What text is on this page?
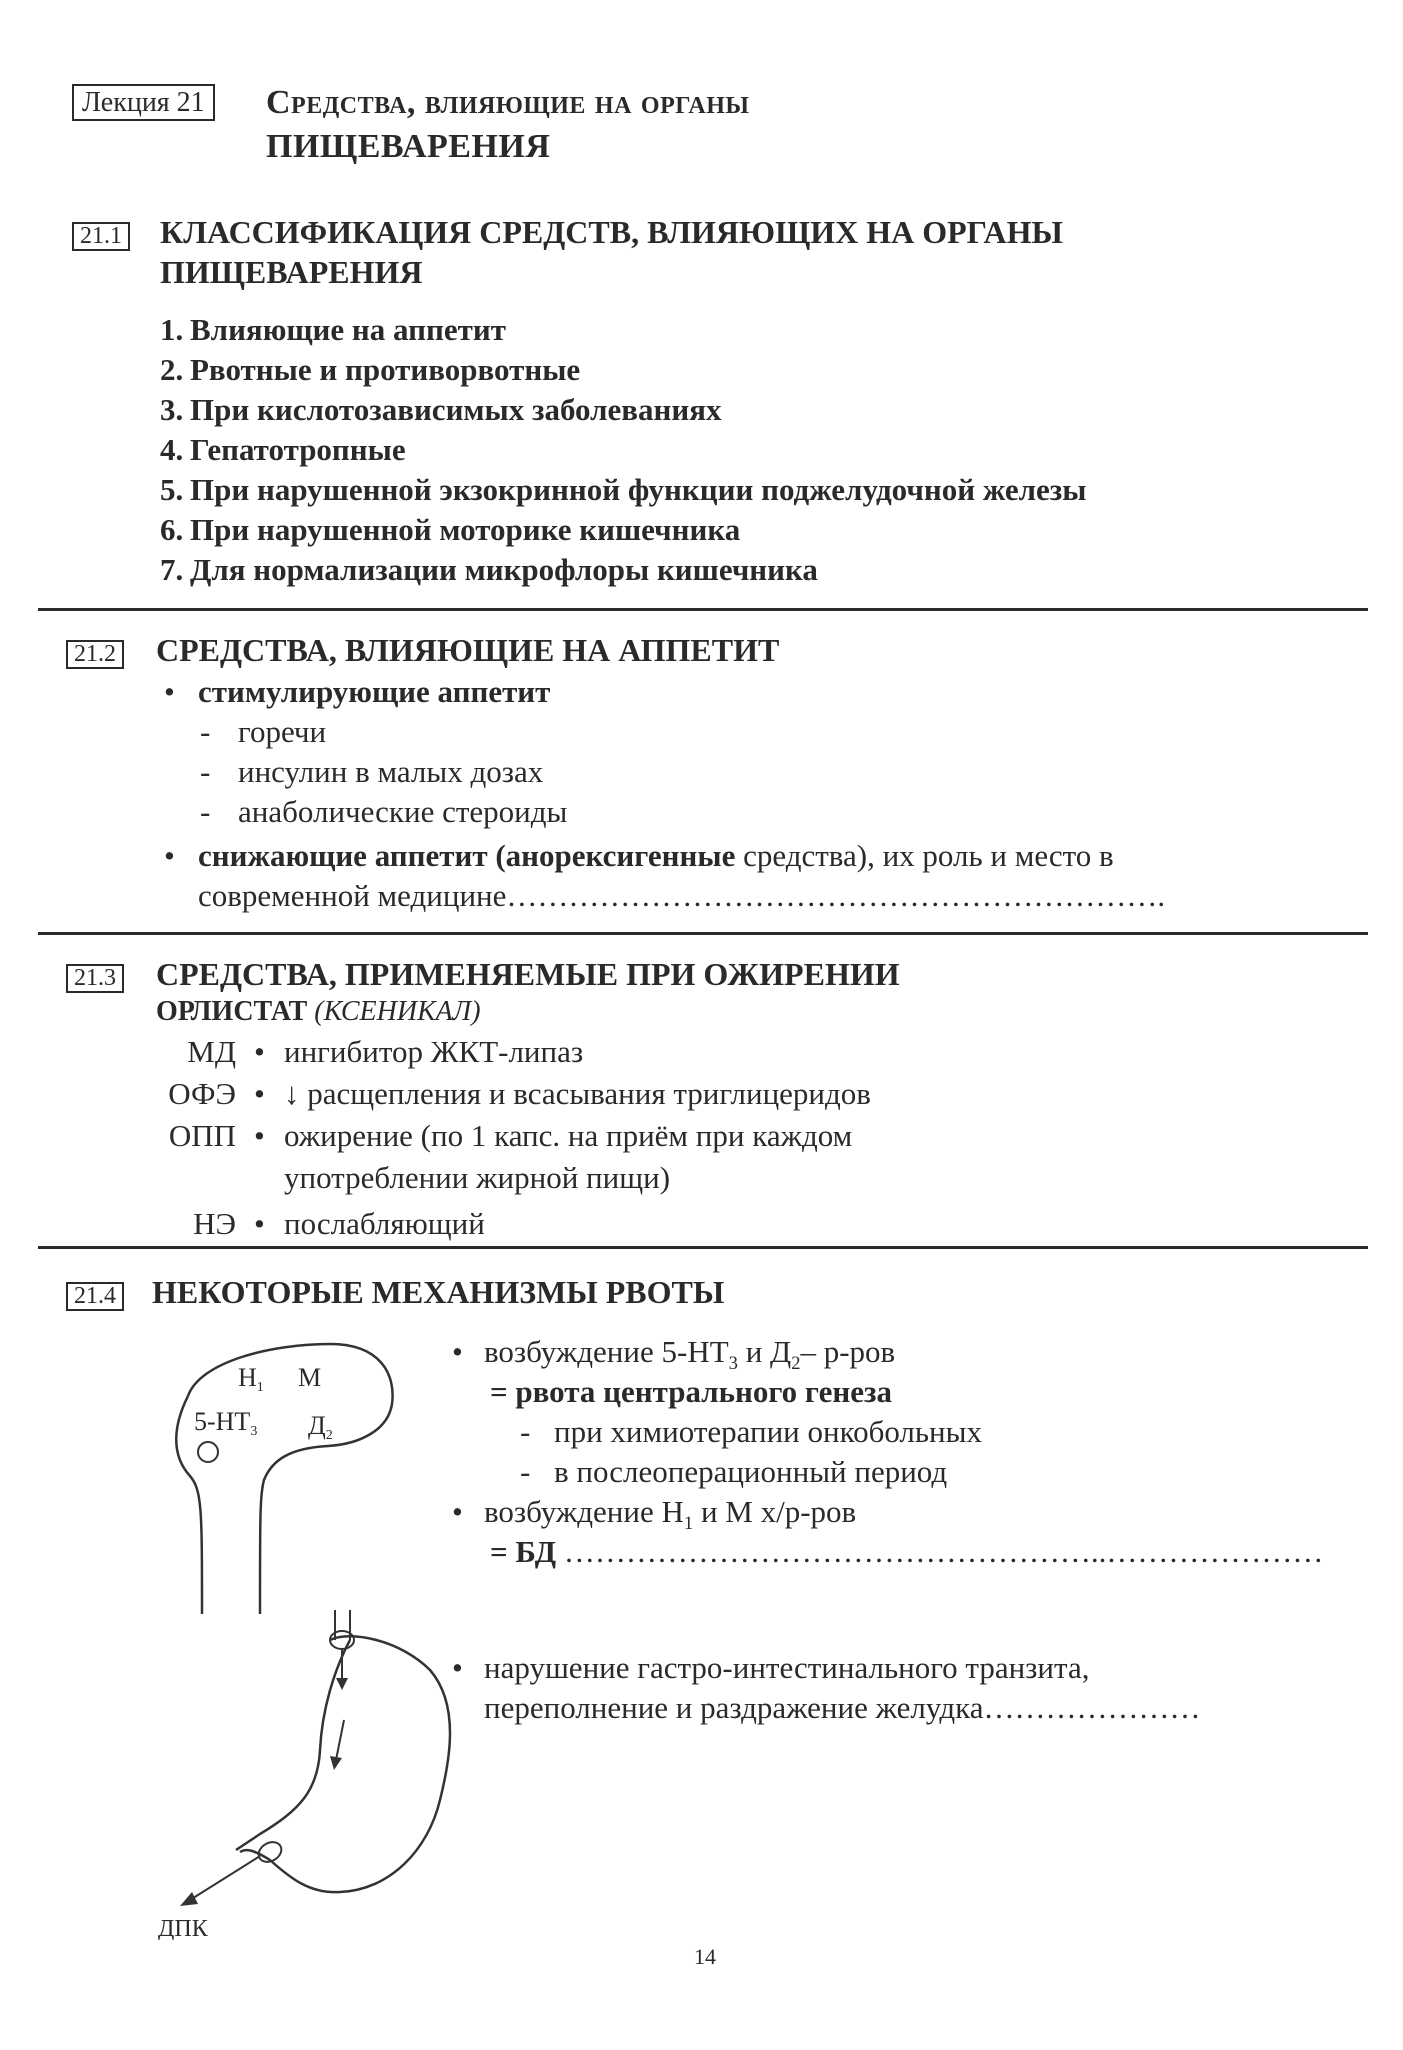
Лекция 21 Средства, влияющие на органы
ПИЩЕВАРЕНИЯ
21.1 КЛАССИФИКАЦИЯ СРЕДСТВ, ВЛИЯЮЩИХ НА ОРГАНЫ
ПИЩЕВАРЕНИЯ
1. Влияющие на аппетит
2. Рвотные и противорвотные
3. При кислотозависимых заболеваниях
4. Гепатотропные
5. При нарушенной экзокринной функции поджелудочной железы
6. При нарушенной моторике кишечника
7. Для нормализации микрофлоры кишечника
21.2 СРЕДСТВА, ВЛИЯЮЩИЕ НА АППЕТИТ
• стимулирующие аппетит
- горечи
- инсулин в малых дозах
- анаболические стероиды
• снижающие аппетит (анорексигенные средства), их роль и место в
современной медицине……………………………………………………….
21.3 СРЕДСТВА, ПРИМЕНЯЕМЫЕ ПРИ ОЖИРЕНИИ
ОРЛИСТАТ (КСЕНИКАЛ)
МД • ингибитор ЖКТ-липаз
ОФЭ • ↓ расщепления и всасывания триглицеридов
ОПП • ожирение (по 1 капс. на приём при каждом
употреблении жирной пищи)
НЭ • послабляющий
21.4 НЕКОТОРЫЕ МЕХАНИЗМЫ РВОТЫ
H1 M
5-HT3 Д2
• возбуждение $5-HT_3$ и $Д_2-$ р-ров
= рвота центрального генеза
- при химиотерапии онкобольных
- в послеоперационный период
• возбуждение $H_1$ и М х/р-ров
= БД ……………………………………………..…………………
ДПК
• нарушение гастро-интестинального транзита,
переполнение и раздражение желудка…………………
14
